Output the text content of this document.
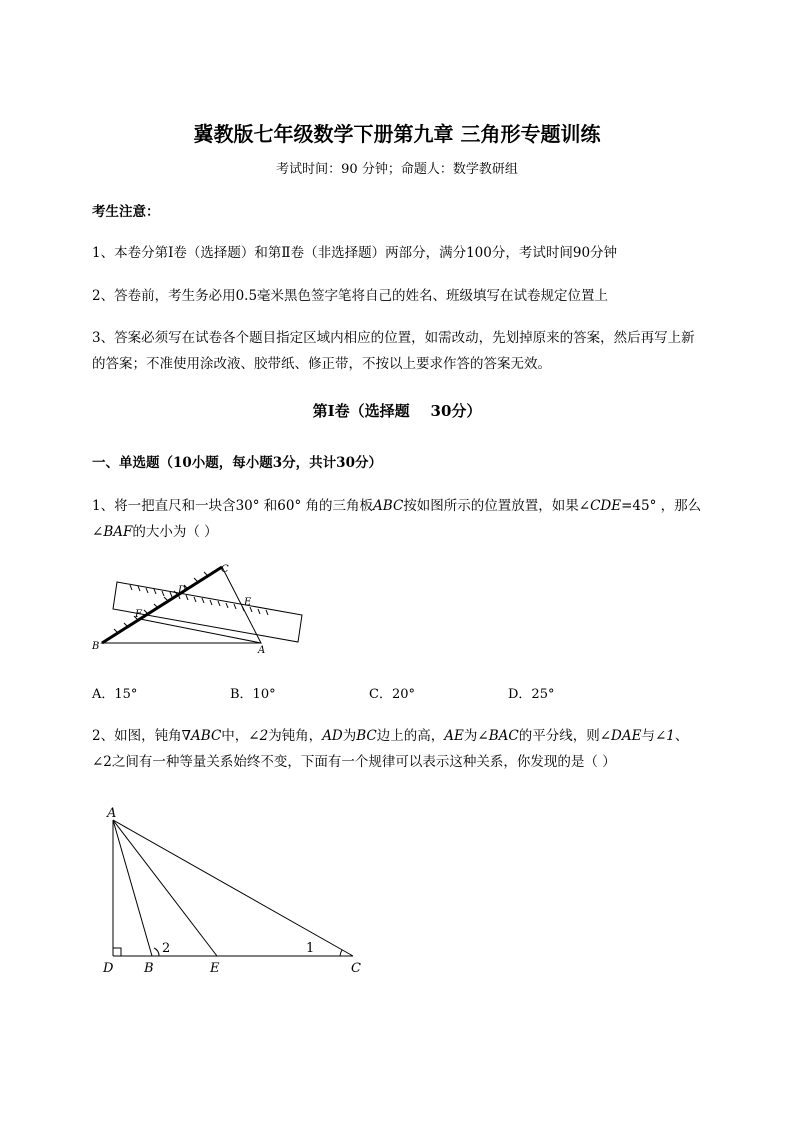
冀教版七年级数学下册第九章 三角形专题训练
考试时间：90 分钟；命题人：数学教研组
考生注意：
1、本卷分第Ⅰ卷（选择题）和第Ⅱ卷（非选择题）两部分，满分100分，考试时间90分钟
2、答卷前，考生务必用0.5毫米黑色签字笔将自己的姓名、班级填写在试卷规定位置上
3、答案必须写在试卷各个题目指定区域内相应的位置，如需改动，先划掉原来的答案，然后再写上新
的答案；不准使用涂改液、胶带纸、修正带，不按以上要求作答的答案无效。
第Ⅰ卷（选择题    30分）
一、单选题（10小题，每小题3分，共计30分）
1、将一把直尺和一块含30° 和60° 角的三角板ABC按如图所示的位置放置，如果∠CDE=45° ，那么
∠BAF的大小为（ ）
B	A
C
D
E
F
A．15°	B．10°	C．20°	D．25°
2、如图，钝角∇ABC中，∠2为钝角，AD为BC边上的高，AE为∠BAC的平分线，则∠DAE与∠1、
∠2之间有一种等量关系始终不变，下面有一个规律可以表示这种关系，你发现的是（ ）
A
D B	E	C
2	1
